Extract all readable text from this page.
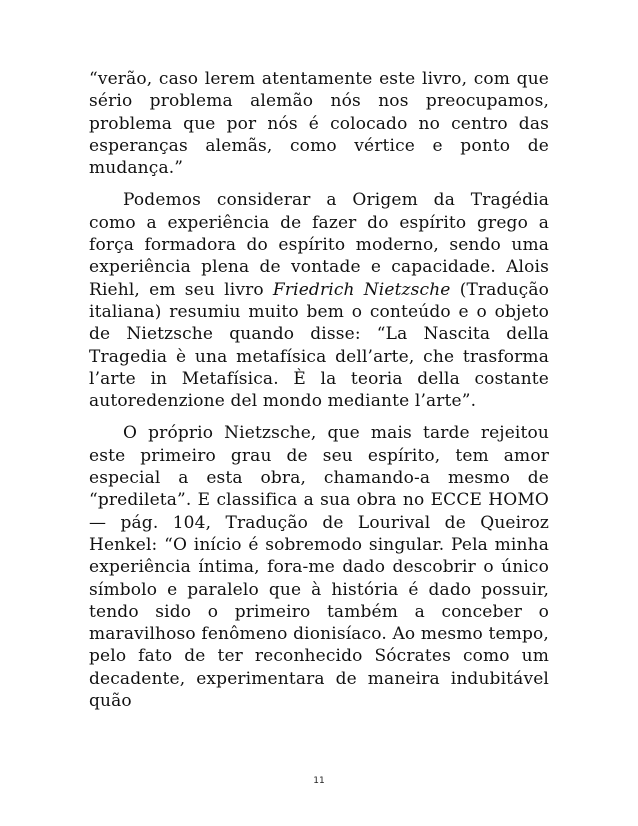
“verão, caso lerem atentamente este livro, com que sério problema alemão nós nos preocupamos, problema que por nós é colocado no centro das esperanças alemãs, como vértice e ponto de mudança.”

Podemos considerar a Origem da Tragédia como a experiência de fazer do espírito grego a força formadora do espírito moderno, sendo uma experiência plena de vontade e capacidade. Alois Riehl, em seu livro Friedrich Nietzsche (Tradução italiana) resumiu muito bem o conteúdo e o objeto de Nietzsche quando disse: “La Nascita della Tragedia è una metafísica dell’arte, che trasforma l’arte in Metafísica. È la teoria della costante autoredenzione del mondo mediante l’arte”.

O próprio Nietzsche, que mais tarde rejeitou este primeiro grau de seu espírito, tem amor especial a esta obra, chamando-a mesmo de “predileta”. E classifica a sua obra no ECCE HOMO — pág. 104, Tradução de Lourival de Queiroz Henkel: “O início é sobremodo singular. Pela minha experiência íntima, fora-me dado descobrir o único símbolo e paralelo que à história é dado possuir, tendo sido o primeiro também a conceber o maravilhoso fenômeno dionisíaco. Ao mesmo tempo, pelo fato de ter reconhecido Sócrates como um decadente, experimentara de maneira indubitável quão

11
